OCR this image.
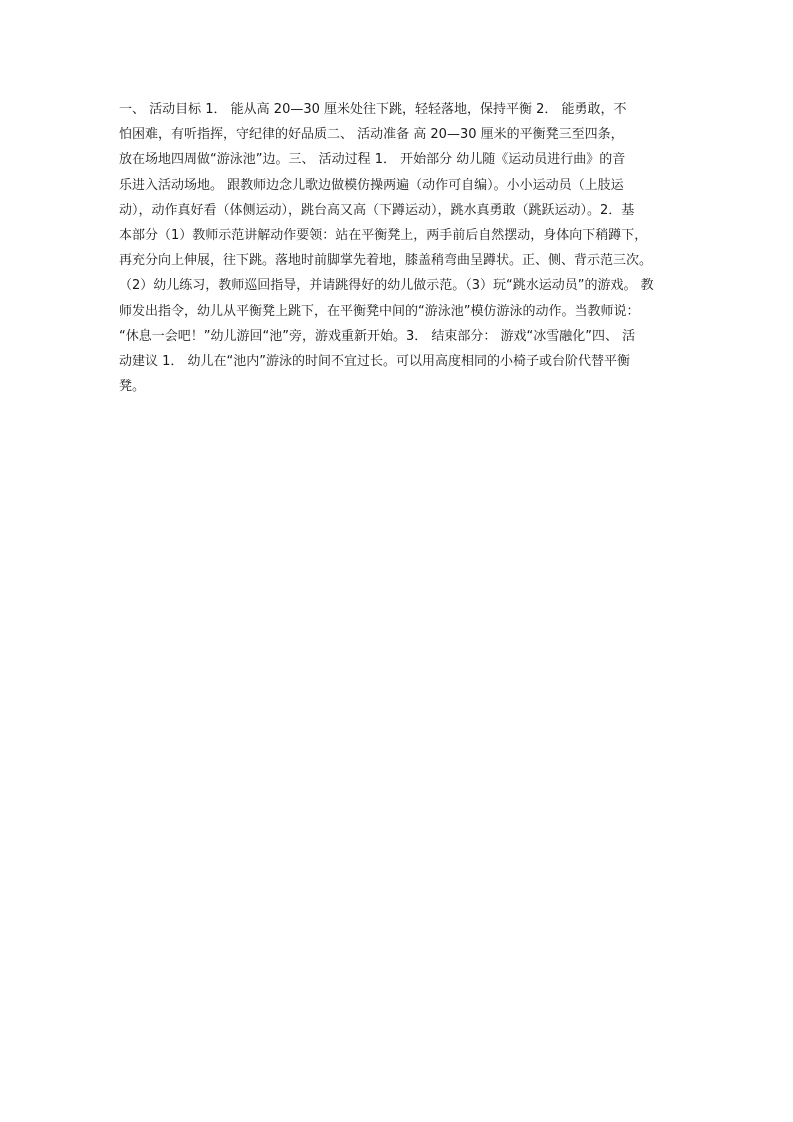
一、 活动目标 1． 能从高 20—30 厘米处往下跳，轻轻落地，保持平衡 2． 能勇敢，不
怕困难，有听指挥，守纪律的好品质二、 活动准备 高 20—30 厘米的平衡凳三至四条，
放在场地四周做“游泳池”边。三、 活动过程 1． 开始部分 幼儿随《运动员进行曲》的音
乐进入活动场地。 跟教师边念儿歌边做模仿操两遍（动作可自编）。小小运动员（上肢运
动），动作真好看（体侧运动），跳台高又高（下蹲运动），跳水真勇敢（跳跃运动）。2．基
本部分（1）教师示范讲解动作要领：站在平衡凳上，两手前后自然摆动，身体向下稍蹲下，
再充分向上伸展，往下跳。落地时前脚掌先着地，膝盖稍弯曲呈蹲状。正、侧、背示范三次。
（2）幼儿练习，教师巡回指导，并请跳得好的幼儿做示范。（3）玩“跳水运动员”的游戏。 教
师发出指令，幼儿从平衡凳上跳下，在平衡凳中间的“游泳池”模仿游泳的动作。当教师说：
“休息一会吧！”幼儿游回“池”旁，游戏重新开始。3． 结束部分： 游戏“冰雪融化”四、 活
动建议 1． 幼儿在“池内”游泳的时间不宜过长。可以用高度相同的小椅子或台阶代替平衡
凳。
